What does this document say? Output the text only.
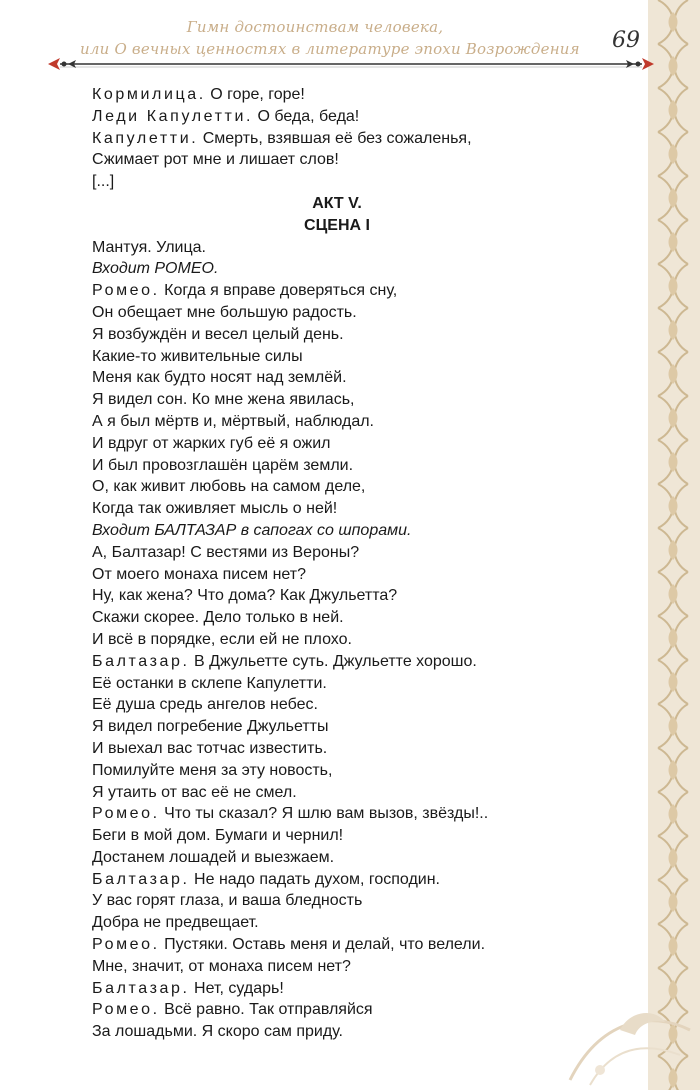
Гимн достоинствам человека,
или О вечных ценностях в литературе эпохи Возрождения 69
Кормилица. О горе, горе!
Леди Капулетти. О беда, беда!
Капулетти. Смерть, взявшая её без сожаленья,
Сжимает рот мне и лишает слов!
[...]
АКТ V.
СЦЕНА I
Мантуя. Улица.
Входит РОМЕО.
Ромео. Когда я вправе доверяться сну,
Он обещает мне большую радость.
Я возбуждён и весел целый день.
Какие-то живительные силы
Меня как будто носят над землёй.
Я видел сон. Ко мне жена явилась,
А я был мёртв и, мёртвый, наблюдал.
И вдруг от жарких губ её я ожил
И был провозглашён царём земли.
О, как живит любовь на самом деле,
Когда так оживляет мысль о ней!
Входит БАЛТАЗАР в сапогах со шпорами.
А, Балтазар! С вестями из Вероны?
От моего монаха писем нет?
Ну, как жена? Что дома? Как Джульетта?
Скажи скорее. Дело только в ней.
И всё в порядке, если ей не плохо.
Балтазар. В Джульетте суть. Джульетте хорошо.
Её останки в склепе Капулетти.
Её душа средь ангелов небес.
Я видел погребение Джульетты
И выехал вас тотчас известить.
Помилуйте меня за эту новость,
Я утаить от вас её не смел.
Ромео. Что ты сказал? Я шлю вам вызов, звёзды!..
Беги в мой дом. Бумаги и чернил!
Достанем лошадей и выезжаем.
Балтазар. Не надо падать духом, господин.
У вас горят глаза, и ваша бледность
Добра не предвещает.
Ромео. Пустяки. Оставь меня и делай, что велели.
Мне, значит, от монаха писем нет?
Балтазар. Нет, сударь!
Ромео. Всё равно. Так отправляйся
За лошадьми. Я скоро сам приду.
